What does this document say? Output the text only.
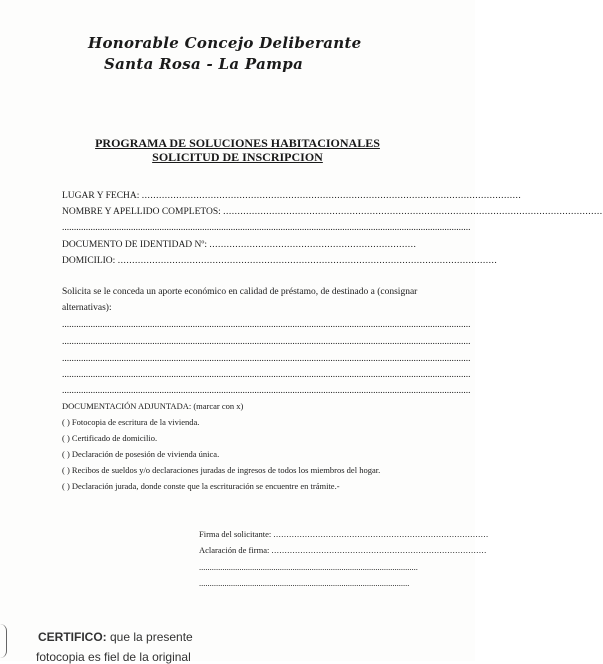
Honorable Concejo Deliberante
Santa Rosa - La Pampa
PROGRAMA DE SOLUCIONES HABITACIONALES
SOLICITUD DE INSCRIPCION
LUGAR Y FECHA: ....................................................................................................................................
NOMBRE Y APELLIDO COMPLETOS: ....................................................................................................................................
............................................................................................................................................................................
DOCUMENTO DE IDENTIDAD Nº: ........................................................................
DOMICILIO: ....................................................................................................................................
Solicita se le conceda un aporte económico en calidad de préstamo, de destinado a (consignar
alternativas):
............................................................................................................................................................................
............................................................................................................................................................................
............................................................................................................................................................................
............................................................................................................................................................................
............................................................................................................................................................................
DOCUMENTACIÓN ADJUNTADA: (marcar con x)
( ) Fotocopia de escritura de la vivienda.
( ) Certificado de domicilio.
( ) Declaración de posesión de vivienda única.
( ) Recibos de sueldos y/o declaraciones juradas de ingresos de todos los miembros del hogar.
( ) Declaración jurada, donde conste que la escrituración se encuentre en trámite.-
Firma del solicitante: ..................................................................................
Aclaración de firma: ..................................................................................
.......................................................................................................
...................................................................................................
CERTIFICO: que la presente
fotocopia es fiel de la original
